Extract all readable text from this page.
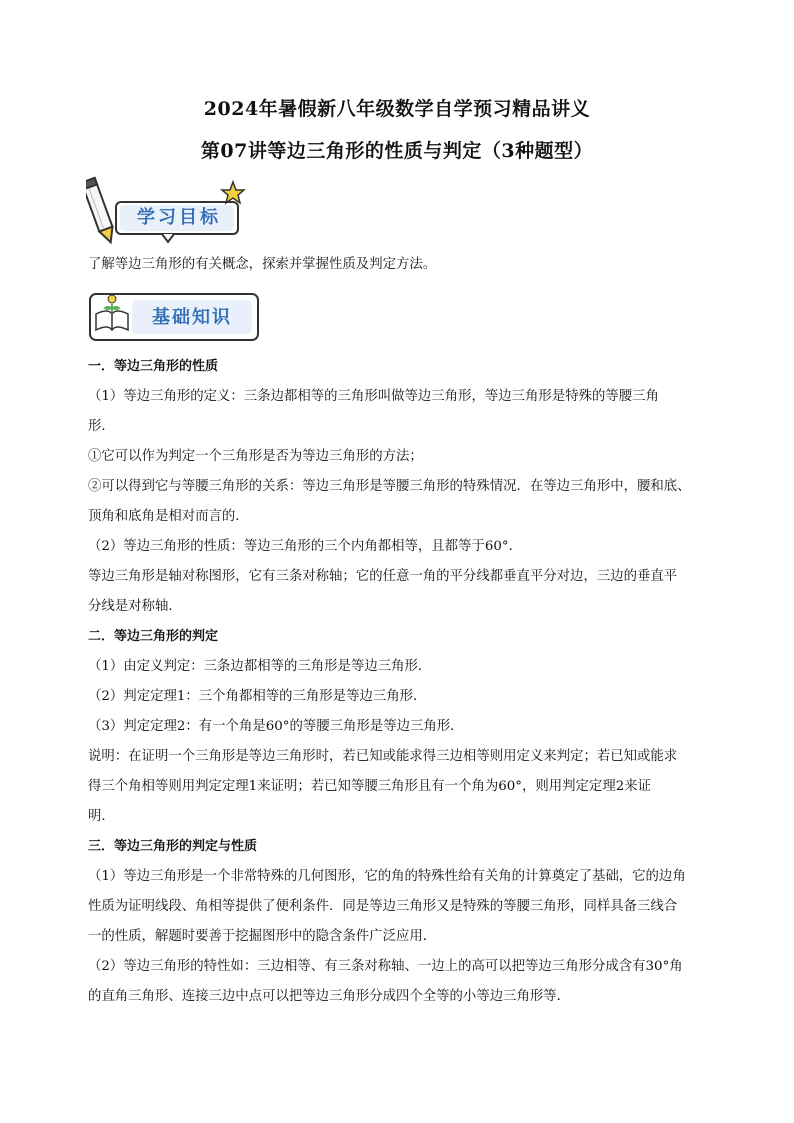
2024年暑假新八年级数学自学预习精品讲义
第07讲等边三角形的性质与判定（3种题型）
学习目标
了解等边三角形的有关概念，探索并掌握性质及判定方法。
基础知识

一．等边三角形的性质

（1）等边三角形的定义：三条边都相等的三角形叫做等边三角形，等边三角形是特殊的等腰三角

形．

①它可以作为判定一个三角形是否为等边三角形的方法；

②可以得到它与等腰三角形的关系：等边三角形是等腰三角形的特殊情况．在等边三角形中，腰和底、

顶角和底角是相对而言的．

（2）等边三角形的性质：等边三角形的三个内角都相等，且都等于60°．

等边三角形是轴对称图形，它有三条对称轴；它的任意一角的平分线都垂直平分对边，三边的垂直平

分线是对称轴．

二．等边三角形的判定

（1）由定义判定：三条边都相等的三角形是等边三角形．

（2）判定定理1：三个角都相等的三角形是等边三角形．

（3）判定定理2：有一个角是60°的等腰三角形是等边三角形．

说明：在证明一个三角形是等边三角形时，若已知或能求得三边相等则用定义来判定；若已知或能求

得三个角相等则用判定定理1来证明；若已知等腰三角形且有一个角为60°，则用判定定理2来证

明．

三．等边三角形的判定与性质

（1）等边三角形是一个非常特殊的几何图形，它的角的特殊性给有关角的计算奠定了基础，它的边角

性质为证明线段、角相等提供了便利条件．同是等边三角形又是特殊的等腰三角形，同样具备三线合

一的性质，解题时要善于挖掘图形中的隐含条件广泛应用．

（2）等边三角形的特性如：三边相等、有三条对称轴、一边上的高可以把等边三角形分成含有30°角

的直角三角形、连接三边中点可以把等边三角形分成四个全等的小等边三角形等．
